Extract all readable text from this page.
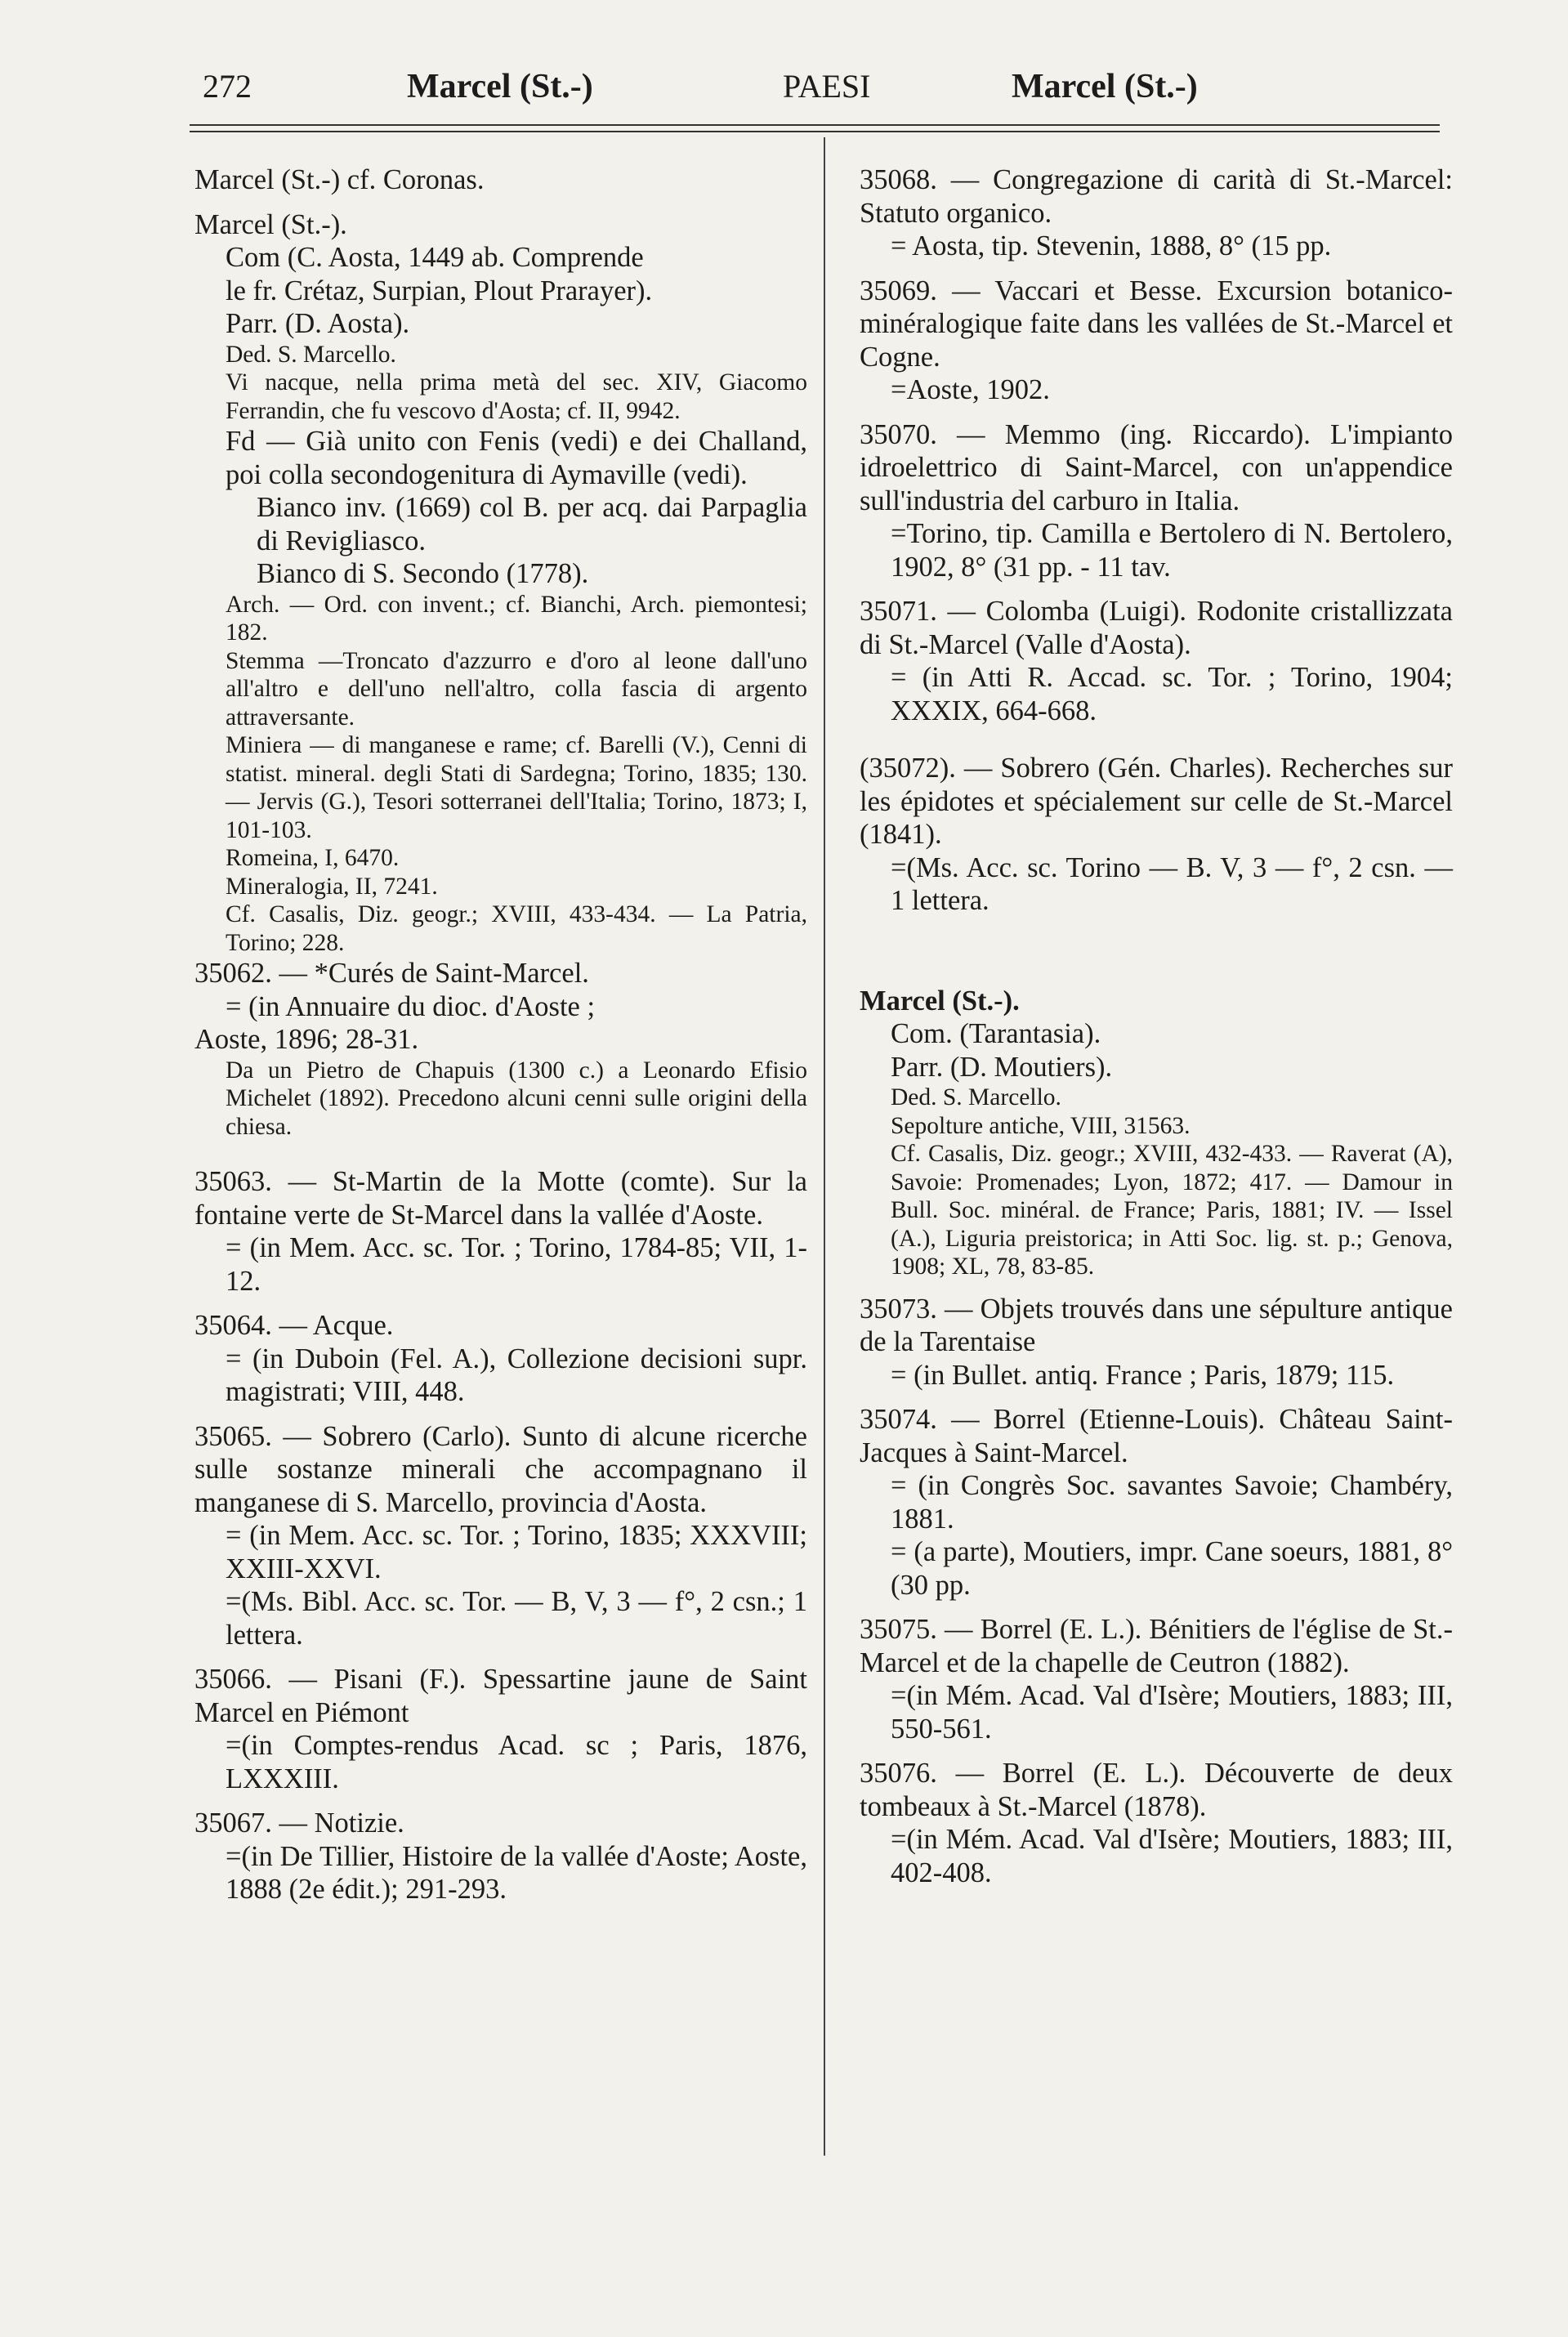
272	Marcel (St.-)	PAESI	Marcel (St.-)

Marcel (St.-) cf. Coronas.

Marcel (St.-).

Com (C. Aosta, 1449 ab. Comprende

le fr. Crétaz, Surpian, Plout Prarayer).

Parr. (D. Aosta).

Ded. S. Marcello.

Vi nacque, nella prima metà del sec. XIV, Giacomo Ferrandin, che fu vescovo d'Aosta; cf. II, 9942.

Fd — Già unito con Fenis (vedi) e dei Challand, poi colla secondogenitura di Aymaville (vedi).

Bianco inv. (1669) col B. per acq. dai Parpaglia di Revigliasco.

Bianco di S. Secondo (1778).

Arch. — Ord. con invent.; cf. Bianchi, Arch. piemontesi; 182.

Stemma —Troncato d'azzurro e d'oro al leone dall'uno all'altro e dell'uno nell'altro, colla fascia di argento attraversante.

Miniera — di manganese e rame; cf. Barelli (V.), Cenni di statist. mineral. degli Stati di Sardegna; Torino, 1835; 130. — Jervis (G.), Tesori sotterranei dell'Italia; Torino, 1873; I, 101-103.

Romeina, I, 6470.

Mineralogia, II, 7241.

Cf. Casalis, Diz. geogr.; XVIII, 433-434. — La Patria, Torino; 228.

35062. — *Curés de Saint-Marcel.

= (in Annuaire du dioc. d'Aoste ;

Aoste, 1896; 28-31.

Da un Pietro de Chapuis (1300 c.) a Leonardo Efisio Michelet (1892). Precedono alcuni cenni sulle origini della chiesa.

35063. — St-Martin de la Motte (comte). Sur la fontaine verte de St-Marcel dans la vallée d'Aoste.

= (in Mem. Acc. sc. Tor. ; Torino, 1784-85; VII, 1-12.

35064. — Acque.

= (in Duboin (Fel. A.), Collezione decisioni supr. magistrati; VIII, 448.

35065. — Sobrero (Carlo). Sunto di alcune ricerche sulle sostanze minerali che accompagnano il manganese di S. Marcello, provincia d'Aosta.

= (in Mem. Acc. sc. Tor. ; Torino, 1835; XXXVIII; XXIII-XXVI.

=(Ms. Bibl. Acc. sc. Tor. — B, V, 3 — f°, 2 csn.; 1 lettera.

35066. — Pisani (F.). Spessartine jaune de Saint Marcel en Piémont

=(in Comptes-rendus Acad. sc ; Paris, 1876, LXXXIII.

35067. — Notizie.

=(in De Tillier, Histoire de la vallée d'Aoste; Aoste, 1888 (2e édit.); 291-293.

35068. — Congregazione di carità di St.-Marcel: Statuto organico.

= Aosta, tip. Stevenin, 1888, 8° (15 pp.

35069. — Vaccari et Besse. Excursion botanico-minéralogique faite dans les vallées de St.-Marcel et Cogne.

=Aoste, 1902.

35070. — Memmo (ing. Riccardo). L'impianto idroelettrico di Saint-Marcel, con un'appendice sull'industria del carburo in Italia.

=Torino, tip. Camilla e Bertolero di N. Bertolero, 1902, 8° (31 pp. - 11 tav.

35071. — Colomba (Luigi). Rodonite cristallizzata di St.-Marcel (Valle d'Aosta).

= (in Atti R. Accad. sc. Tor. ; Torino, 1904; XXXIX, 664-668.

(35072). — Sobrero (Gén. Charles). Recherches sur les épidotes et spécialement sur celle de St.-Marcel (1841).

=(Ms. Acc. sc. Torino — B. V, 3 — f°, 2 csn. — 1 lettera.

Marcel (St.-).

Com. (Tarantasia).

Parr. (D. Moutiers).

Ded. S. Marcello.

Sepolture antiche, VIII, 31563.

Cf. Casalis, Diz. geogr.; XVIII, 432-433. — Raverat (A), Savoie: Promenades; Lyon, 1872; 417. — Damour in Bull. Soc. minéral. de France; Paris, 1881; IV. — Issel (A.), Liguria preistorica; in Atti Soc. lig. st. p.; Genova, 1908; XL, 78, 83-85.

35073. — Objets trouvés dans une sépulture antique de la Tarentaise

= (in Bullet. antiq. France ; Paris, 1879; 115.

35074. — Borrel (Etienne-Louis). Château Saint-Jacques à Saint-Marcel.

= (in Congrès Soc. savantes Savoie; Chambéry, 1881.

= (a parte), Moutiers, impr. Cane soeurs, 1881, 8° (30 pp.

35075. — Borrel (E. L.). Bénitiers de l'église de St.-Marcel et de la chapelle de Ceutron (1882).

=(in Mém. Acad. Val d'Isère; Moutiers, 1883; III, 550-561.

35076. — Borrel (E. L.). Découverte de deux tombeaux à St.-Marcel (1878).

=(in Mém. Acad. Val d'Isère; Moutiers, 1883; III, 402-408.
